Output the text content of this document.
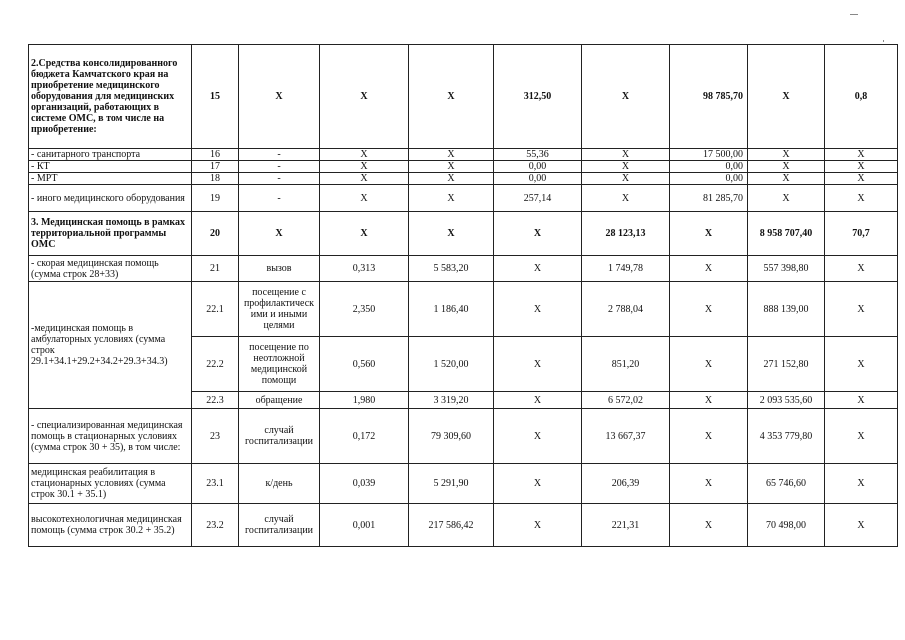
2.Средства консолидированного бюджета Камчатского края на приобретение медицинского оборудования для медицинских организаций, работающих в системе ОМС, в том числе на приобретение:	15	X	X	X	312,50	X	98 785,70	X	0,8
- санитарного транспорта	16	-	X	X	55,36	X	17 500,00	X	X
- КТ	17	-	X	X	0,00	X	0,00	X	X
- МРТ	18	-	X	X	0,00	X	0,00	X	X
- иного медицинского оборудования	19	-	X	X	257,14	X	81 285,70	X	X
3. Медицинская помощь в рамках территориальной программы ОМС	20	X	X	X	X	28 123,13	X	8 958 707,40	70,7
- скорая медицинская помощь (сумма строк 28+33)	21	вызов	0,313	5 583,20	X	1 749,78	X	557 398,80	X
-медицинская помощь в амбулаторных условиях (сумма строк 29.1+34.1+29.2+34.2+29.3+34.3)	22.1	посещение с профилактическ ими и иными целями	2,350	1 186,40	X	2 788,04	X	888 139,00	X
	22.2	посещение по неотложной медицинской помощи	0,560	1 520,00	X	851,20	X	271 152,80	X
	22.3	обращение	1,980	3 319,20	X	6 572,02	X	2 093 535,60	X
- специализированная медицинская помощь в стационарных условиях (сумма строк 30 + 35), в том числе:	23	случай госпитализации	0,172	79 309,60	X	13 667,37	X	4 353 779,80	X
медицинская реабилитация в стационарных условиях (сумма строк 30.1 + 35.1)	23.1	к/день	0,039	5 291,90	X	206,39	X	65 746,60	X
высокотехнологичная медицинская помощь (сумма строк 30.2 + 35.2)	23.2	случай госпитализации	0,001	217 586,42	X	221,31	X	70 498,00	X
